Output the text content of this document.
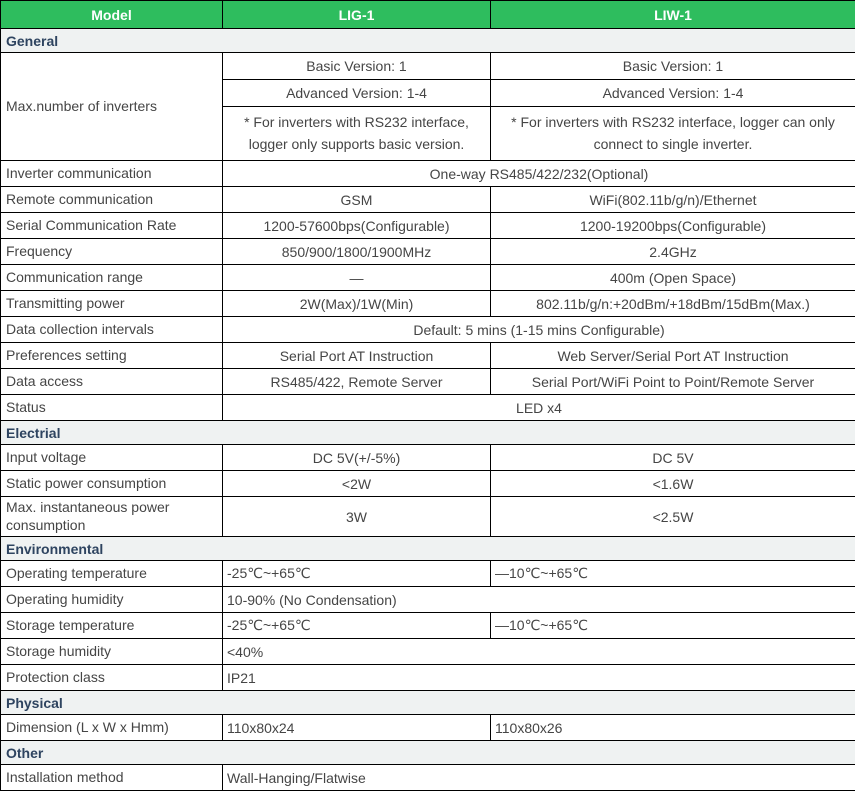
Model	LIG-1	LIW-1
General		
Max.number of inverters	Basic Version: 1	Basic Version: 1
	Advanced Version: 1-4	Advanced Version: 1-4
	* For inverters with RS232 interface, logger only supports basic version.	* For inverters with RS232 interface, logger can only connect to single inverter.
Inverter communication	One-way RS485/422/232(Optional)	
Remote communication	GSM	WiFi(802.11b/g/n)/Ethernet
Serial Communication Rate	1200-57600bps(Configurable)	1200-19200bps(Configurable)
Frequency	850/900/1800/1900MHz	2.4GHz
Communication range	—	400m (Open Space)
Transmitting power	2W(Max)/1W(Min)	802.11b/g/n:+20dBm/+18dBm/15dBm(Max.)
Data collection intervals	Default: 5 mins (1-15 mins Configurable)	
Preferences setting	Serial Port AT Instruction	Web Server/Serial Port AT Instruction
Data access	RS485/422, Remote Server	Serial Port/WiFi Point to Point/Remote Server
Status	LED x4	
Electrial		
Input voltage	DC 5V(+/-5%)	DC 5V
Static power consumption	<2W	<1.6W
Max. instantaneous power consumption	3W	<2.5W
Environmental		
Operating temperature	-25℃~+65℃	—10℃~+65℃
Operating humidity	10-90% (No Condensation)	
Storage temperature	-25℃~+65℃	—10℃~+65℃
Storage humidity	<40%	
Protection class	IP21	
Physical		
Dimension (L x W x Hmm)	110x80x24	110x80x26
Other		
Installation method	Wall-Hanging/Flatwise	
